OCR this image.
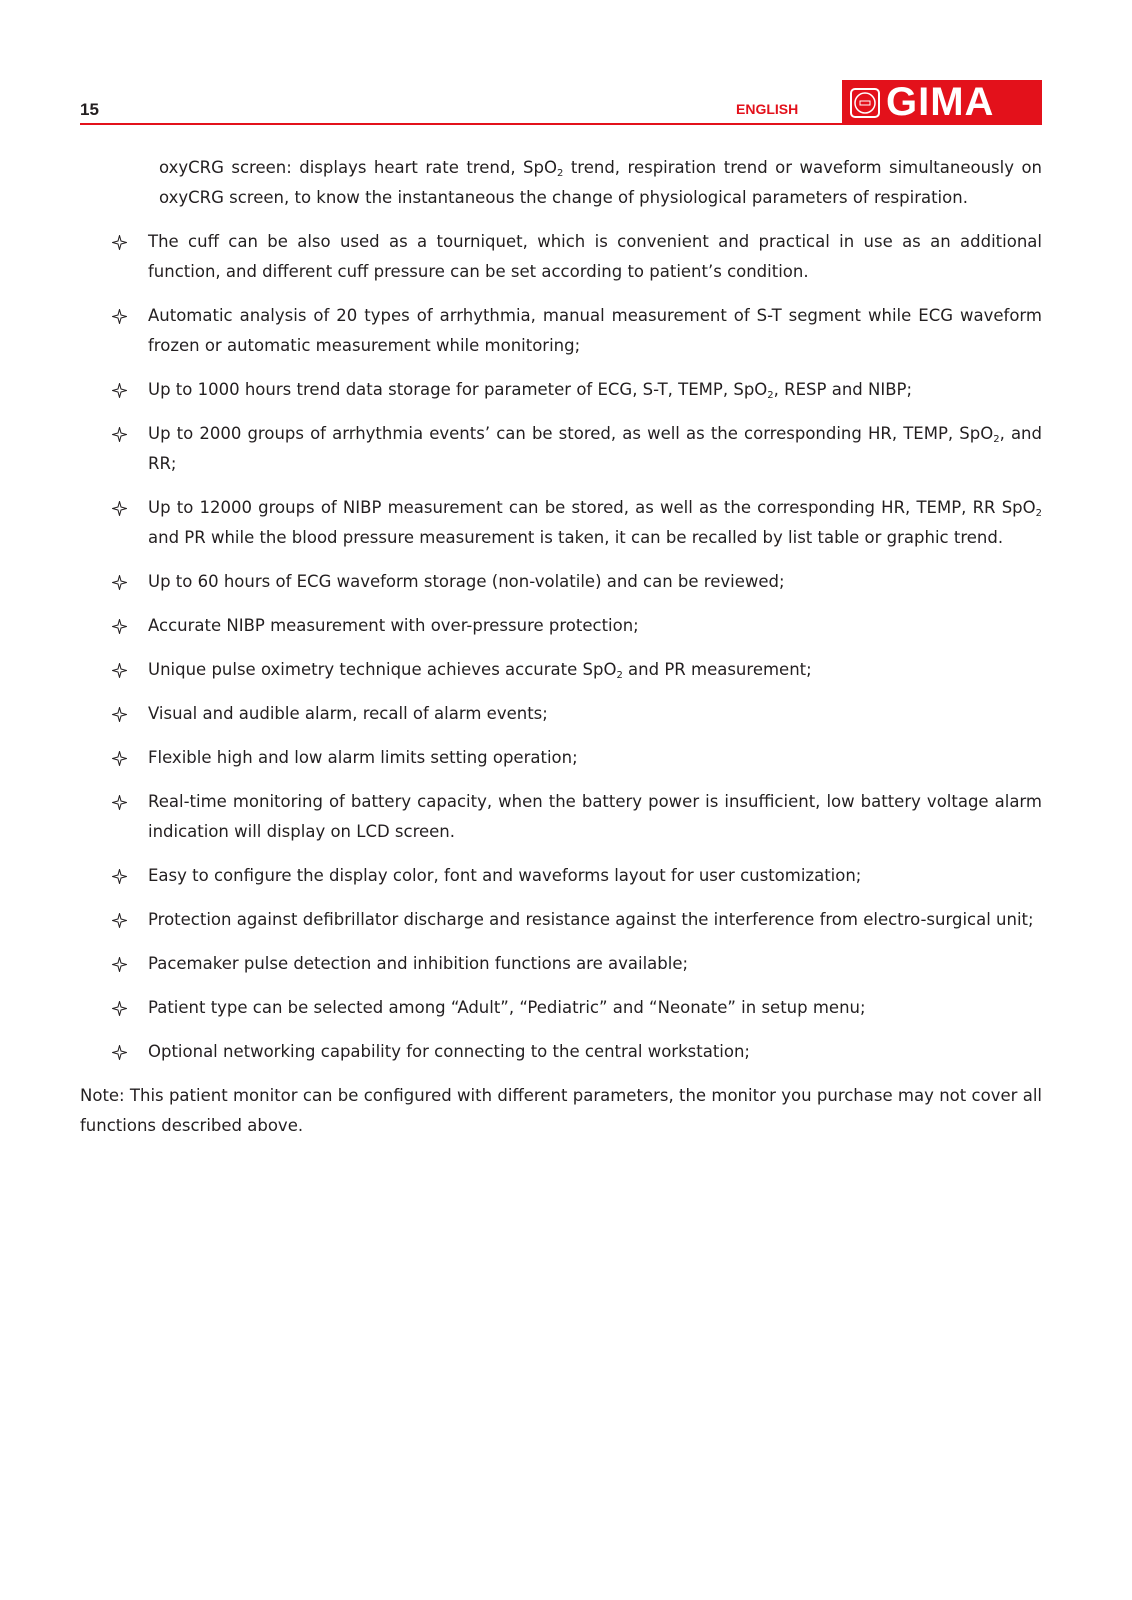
15	ENGLISH GIMA

oxyCRG screen: displays heart rate trend, SpO$_2$ trend, respiration trend or waveform simultaneously on oxyCRG screen, to know the instantaneous the change of physiological parameters of respiration.

The cuff can be also used as a tourniquet, which is convenient and practical in use as an additional function, and different cuff pressure can be set according to patient’s condition.
Automatic analysis of 20 types of arrhythmia, manual measurement of S-T segment while ECG waveform frozen or automatic measurement while monitoring;
Up to 1000 hours trend data storage for parameter of ECG, S-T, TEMP, SpO$_2$, RESP and NIBP;
Up to 2000 groups of arrhythmia events’ can be stored, as well as the corresponding HR, TEMP, SpO$_2$, and RR;
Up to 12000 groups of NIBP measurement can be stored, as well as the corresponding HR, TEMP, RR SpO$_2$ and PR while the blood pressure measurement is taken, it can be recalled by list table or graphic trend.
Up to 60 hours of ECG waveform storage (non-volatile) and can be reviewed;
Accurate NIBP measurement with over-pressure protection;
Unique pulse oximetry technique achieves accurate SpO$_2$ and PR measurement;
Visual and audible alarm, recall of alarm events;
Flexible high and low alarm limits setting operation;
Real-time monitoring of battery capacity, when the battery power is insufficient, low battery voltage alarm indication will display on LCD screen.
Easy to configure the display color, font and waveforms layout for user customization;
Protection against defibrillator discharge and resistance against the interference from electro-surgical unit;
Pacemaker pulse detection and inhibition functions are available;
Patient type can be selected among “Adult”, “Pediatric” and “Neonate” in setup menu;
Optional networking capability for connecting to the central workstation;

Note: This patient monitor can be configured with different parameters, the monitor you purchase may not cover all functions described above.
